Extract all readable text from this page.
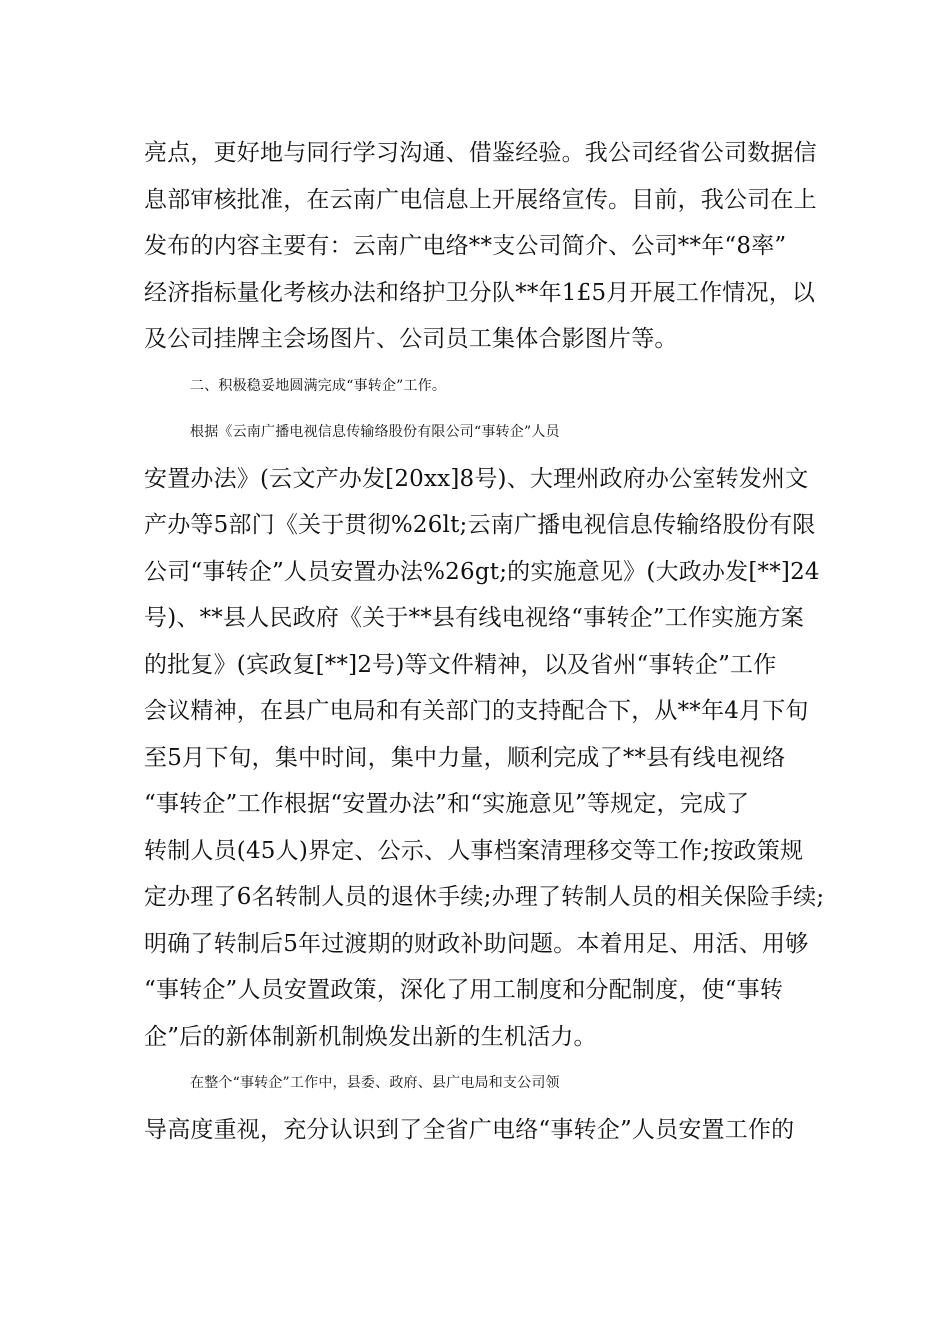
亮点，更好地与同行学习沟通、借鉴经验。我公司经省公司数据信
息部审核批准，在云南广电信息上开展络宣传。目前，我公司在上
发布的内容主要有：云南广电络**支公司简介、公司**年“8率”
经济指标量化考核办法和络护卫分队**年1£5月开展工作情况，以
及公司挂牌主会场图片、公司员工集体合影图片等。
二、积极稳妥地圆满完成“事转企”工作。
根据《云南广播电视信息传输络股份有限公司“事转企”人员
安置办法》(云文产办发[20xx]8号)、大理州政府办公室转发州文
产办等5部门《关于贯彻%26lt;云南广播电视信息传输络股份有限
公司“事转企”人员安置办法%26gt;的实施意见》(大政办发[**]24
号)、**县人民政府《关于**县有线电视络“事转企”工作实施方案
的批复》(宾政复[**]2号)等文件精神，以及省州“事转企”工作
会议精神，在县广电局和有关部门的支持配合下，从**年4月下旬
至5月下旬，集中时间，集中力量，顺利完成了**县有线电视络
“事转企”工作根据“安置办法”和“实施意见”等规定，完成了
转制人员(45人)界定、公示、人事档案清理移交等工作;按政策规
定办理了6名转制人员的退休手续;办理了转制人员的相关保险手续;
明确了转制后5年过渡期的财政补助问题。本着用足、用活、用够
“事转企”人员安置政策，深化了用工制度和分配制度，使“事转
企”后的新体制新机制焕发出新的生机活力。
在整个“事转企”工作中，县委、政府、县广电局和支公司领
导高度重视，充分认识到了全省广电络“事转企”人员安置工作的
